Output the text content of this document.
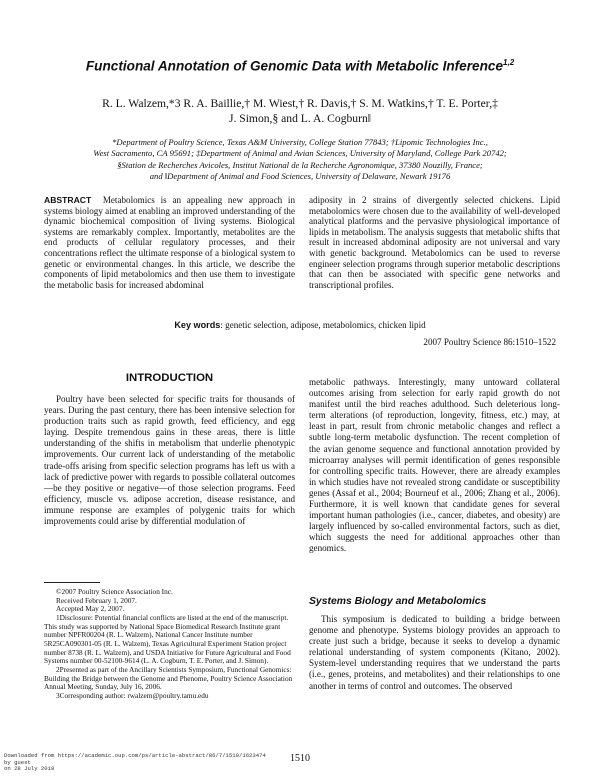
Functional Annotation of Genomic Data with Metabolic Inference$^{1,2}$
R. L. Walzem,*3 R. A. Baillie,† M. Wiest,† R. Davis,† S. M. Watkins,† T. E. Porter,‡
J. Simon,§ and L. A. Cogburn‖
*Department of Poultry Science, Texas A&M University, College Station 77843; †Lipomic Technologies Inc.,
West Sacramento, CA 95691; ‡Department of Animal and Avian Sciences, University of Maryland, College Park 20742;
§Station de Recherches Avicoles, Institut National de la Recherche Agronomique, 37380 Nouzilly, France;
and ‖Department of Animal and Food Sciences, University of Delaware, Newark 19176
ABSTRACT Metabolomics is an appealing new approach in systems biology aimed at enabling an improved understanding of the dynamic biochemical composition of living systems. Biological systems are remarkably complex. Importantly, metabolites are the end products of cellular regulatory processes, and their concentrations reflect the ultimate response of a biological system to genetic or environmental changes. In this article, we describe the components of lipid metabolomics and then use them to investigate the metabolic basis for increased abdominal
adiposity in 2 strains of divergently selected chickens. Lipid metabolomics were chosen due to the availability of well-developed analytical platforms and the pervasive physiological importance of lipids in metabolism. The analysis suggests that metabolic shifts that result in increased abdominal adiposity are not universal and vary with genetic background. Metabolomics can be used to reverse engineer selection programs through superior metabolic descriptions that can then be associated with specific gene networks and transcriptional profiles.
Key words: genetic selection, adipose, metabolomics, chicken lipid
2007 Poultry Science 86:1510–1522
INTRODUCTION

Poultry have been selected for specific traits for thousands of years. During the past century, there has been intensive selection for production traits such as rapid growth, feed efficiency, and egg laying. Despite tremendous gains in these areas, there is little understanding of the shifts in metabolism that underlie phenotypic improvements. Our current lack of understanding of the metabolic trade-offs arising from specific selection programs has left us with a lack of predictive power with regards to possible collateral outcomes—be they positive or negative—of those selection programs. Feed efficiency, muscle vs. adipose accretion, disease resistance, and immune response are examples of polygenic traits for which improvements could arise by differential modulation of

©2007 Poultry Science Association Inc.
Received February 1, 2007.
Accepted May 2, 2007.
1Disclosure: Potential financial conflicts are listed at the end of the manuscript. This study was supported by National Space Biomedical Research Institute grant number NPFR00204 (R. L. Walzem), National Cancer Institute number 5R25CA090301-05 (R. L. Walzem), Texas Agricultural Experiment Station project number 8738 (R. L. Walzem), and USDA Initiative for Future Agricultural and Food Systems number 00-52100-9614 (L. A. Cogburn, T. E. Porter, and J. Simon).
2Presented as part of the Ancillary Scientists Symposium, Functional Genomics: Building the Bridge between the Genome and Phenome, Poultry Science Association Annual Meeting, Sunday, July 16, 2006.
3Corresponding author: rwalzem@poultry.tamu.edu

metabolic pathways. Interestingly, many untoward collateral outcomes arising from selection for early rapid growth do not manifest until the bird reaches adulthood. Such deleterious long-term alterations (of reproduction, longevity, fitness, etc.) may, at least in part, result from chronic metabolic changes and reflect a subtle long-term metabolic dysfunction. The recent completion of the avian genome sequence and functional annotation provided by microarray analyses will permit identification of genes responsible for controlling specific traits. However, there are already examples in which studies have not revealed strong candidate or susceptibility genes (Assaf et al., 2004; Bourneuf et al., 2006; Zhang et al., 2006). Furthermore, it is well known that candidate genes for several important human pathologies (i.e., cancer, diabetes, and obesity) are largely influenced by so-called environmental factors, such as diet, which suggests the need for additional approaches other than genomics.

Systems Biology and Metabolomics

This symposium is dedicated to building a bridge between genome and phenotype. Systems biology provides an approach to create just such a bridge, because it seeks to develop a dynamic relational understanding of system components (Kitano, 2002). System-level understanding requires that we understand the parts (i.e., genes, proteins, and metabolites) and their relationships to one another in terms of control and outcomes. The observed

1510
Downloaded from https://academic.oup.com/ps/article-abstract/86/7/1510/1623474
by guest
on 28 July 2018
